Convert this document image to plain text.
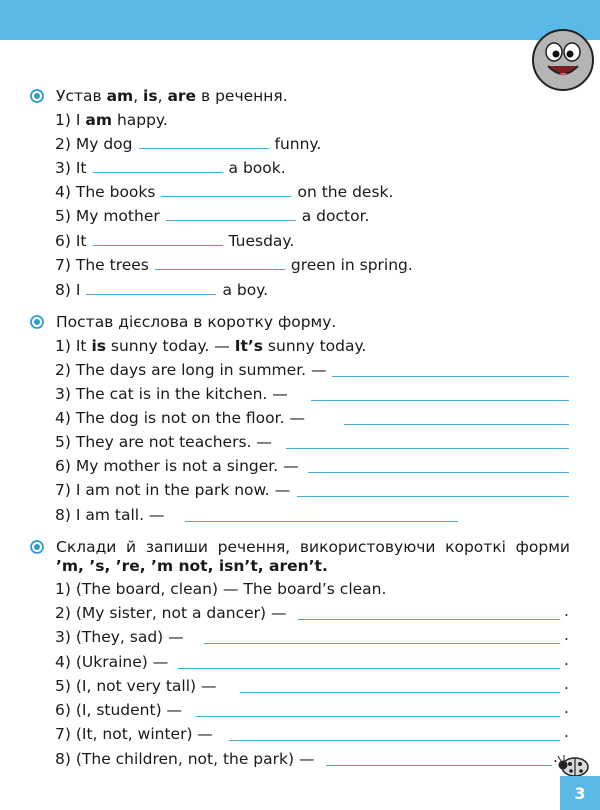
Устав am, is, are в речення.
1) I am happy.
2) My dog	funny.
3) It	a book.
4) The books	on the desk.
5) My mother	a doctor.
6) It	Tuesday.
7) The trees	green in spring.
8) I	a boy.
Постав дієслова в коротку форму.
1) It is sunny today. — It’s sunny today.
2) The days are long in summer. —
3) The cat is in the kitchen. —
4) The dog is not on the floor. —
5) They are not teachers. —
6) My mother is not a singer. —
7) I am not in the park now. —
8) I am tall. —
Склади й запиши речення, використовуючи короткі форми
’m, ’s, ’re, ’m not, isn’t, aren’t.
1) (The board, clean) — The board’s clean.
2) (My sister, not a dancer) —	.
3) (They, sad) —	.
4) (Ukraine) —	.
5) (I, not very tall) —	.
6) (I, student) —	.
7) (It, not, winter) —	.
8) (The children, not, the park) —	.
3
